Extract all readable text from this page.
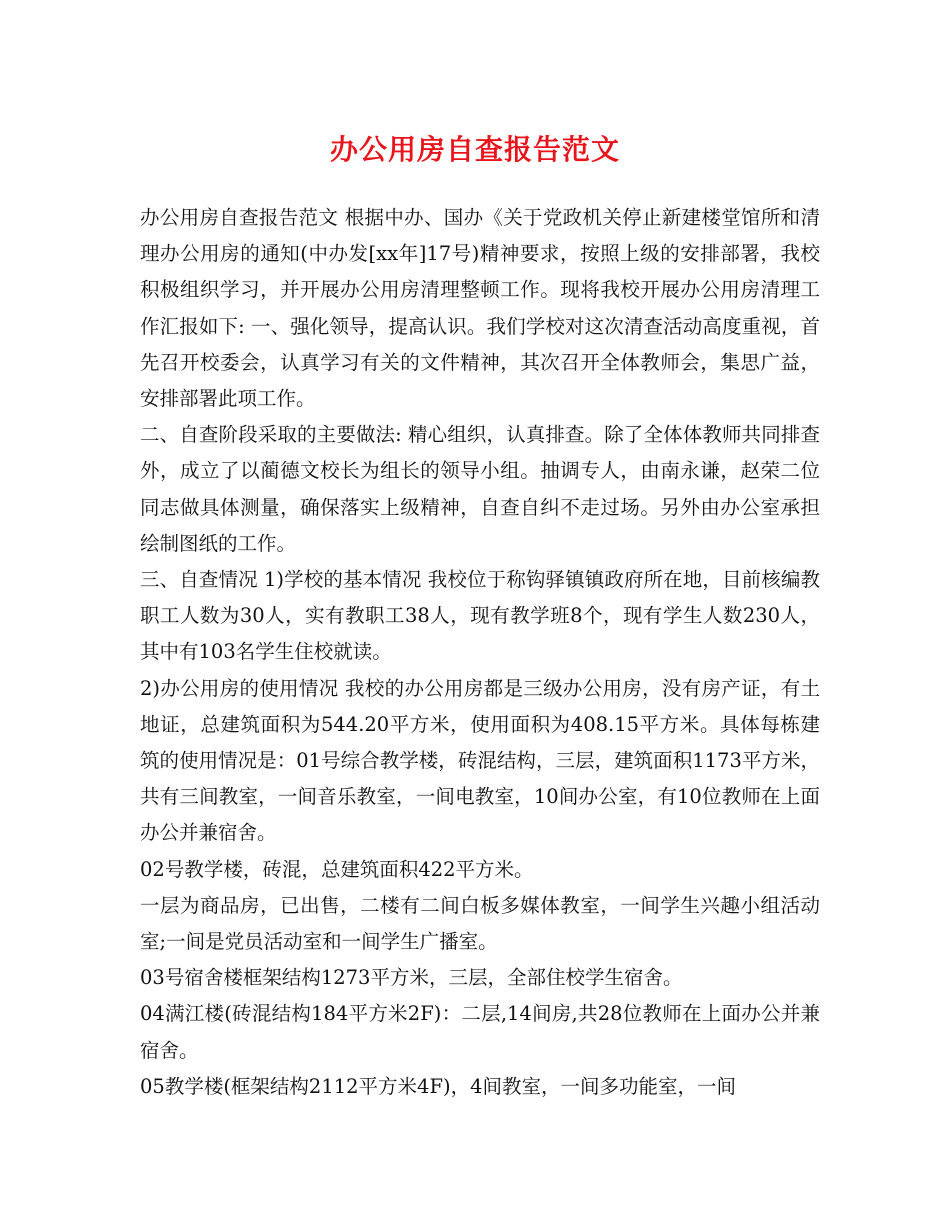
办公用房自查报告范文

办公用房自查报告范文 根据中办、国办《关于党政机关停止新建楼堂馆所和清理办公用房的通知(中办发[xx年]17号)精神要求，按照上级的安排部署，我校积极组织学习，并开展办公用房清理整顿工作。现将我校开展办公用房清理工作汇报如下: 一、强化领导，提高认识。我们学校对这次清查活动高度重视，首先召开校委会，认真学习有关的文件精神，其次召开全体教师会，集思广益，安排部署此项工作。

二、自查阶段采取的主要做法: 精心组织，认真排查。除了全体体教师共同排查外，成立了以蔺德文校长为组长的领导小组。抽调专人，由南永谦，赵荣二位同志做具体测量，确保落实上级精神，自查自纠不走过场。另外由办公室承担绘制图纸的工作。

三、自查情况 1)学校的基本情况 我校位于称钩驿镇镇政府所在地，目前核编教职工人数为30人，实有教职工38人，现有教学班8个，现有学生人数230人，其中有103名学生住校就读。

2)办公用房的使用情况 我校的办公用房都是三级办公用房，没有房产证，有土地证，总建筑面积为544.20平方米，使用面积为408.15平方米。具体每栋建筑的使用情况是：01号综合教学楼，砖混结构，三层，建筑面积1173平方米，共有三间教室，一间音乐教室，一间电教室，10间办公室，有10位教师在上面办公并兼宿舍。

02号教学楼，砖混，总建筑面积422平方米。

一层为商品房，已出售，二楼有二间白板多媒体教室，一间学生兴趣小组活动室;一间是党员活动室和一间学生广播室。

03号宿舍楼框架结构1273平方米，三层，全部住校学生宿舍。

04满江楼(砖混结构184平方米2F)：二层,14间房,共28位教师在上面办公并兼宿舍。

05教学楼(框架结构2112平方米4F)，4间教室，一间多功能室，一间
